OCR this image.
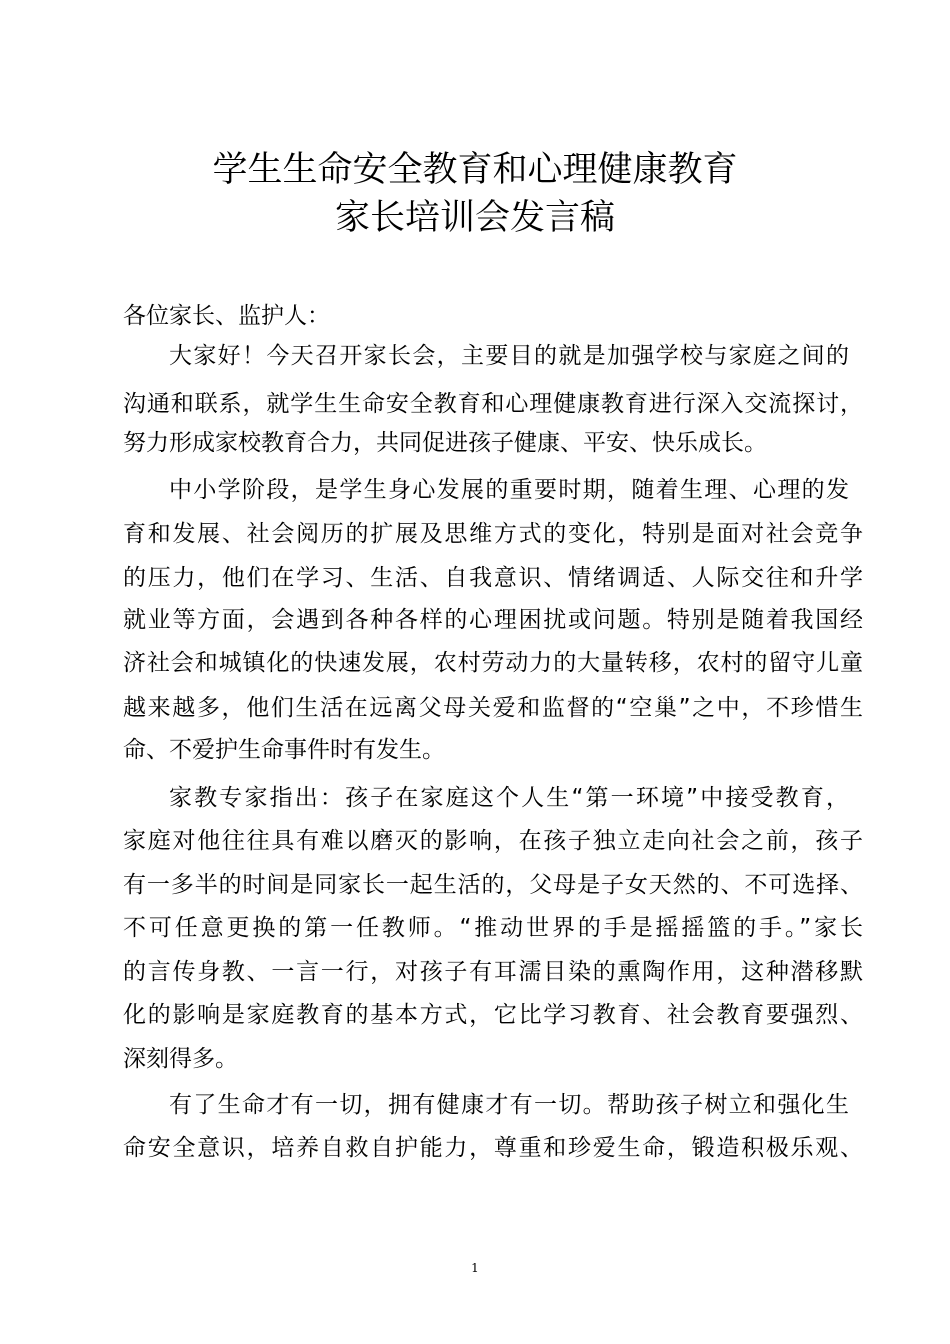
学生生命安全教育和心理健康教育
家长培训会发言稿
各位家长、监护人：
大家好！今天召开家长会，主要目的就是加强学校与家庭之间的
沟通和联系，就学生生命安全教育和心理健康教育进行深入交流探讨，
努力形成家校教育合力，共同促进孩子健康、平安、快乐成长。
中小学阶段，是学生身心发展的重要时期，随着生理、心理的发
育和发展、社会阅历的扩展及思维方式的变化，特别是面对社会竞争
的压力，他们在学习、生活、自我意识、情绪调适、人际交往和升学
就业等方面，会遇到各种各样的心理困扰或问题。特别是随着我国经
济社会和城镇化的快速发展，农村劳动力的大量转移，农村的留守儿童
越来越多，他们生活在远离父母关爱和监督的“空巢”之中，不珍惜生
命、不爱护生命事件时有发生。
家教专家指出：孩子在家庭这个人生“第一环境”中接受教育，
家庭对他往往具有难以磨灭的影响，在孩子独立走向社会之前，孩子
有一多半的时间是同家长一起生活的，父母是子女天然的、不可选择、
不可任意更换的第一任教师。“推动世界的手是摇摇篮的手。”家长
的言传身教、一言一行，对孩子有耳濡目染的熏陶作用，这种潜移默
化的影响是家庭教育的基本方式，它比学习教育、社会教育要强烈、
深刻得多。
有了生命才有一切，拥有健康才有一切。帮助孩子树立和强化生
命安全意识，培养自救自护能力，尊重和珍爱生命，锻造积极乐观、
1
